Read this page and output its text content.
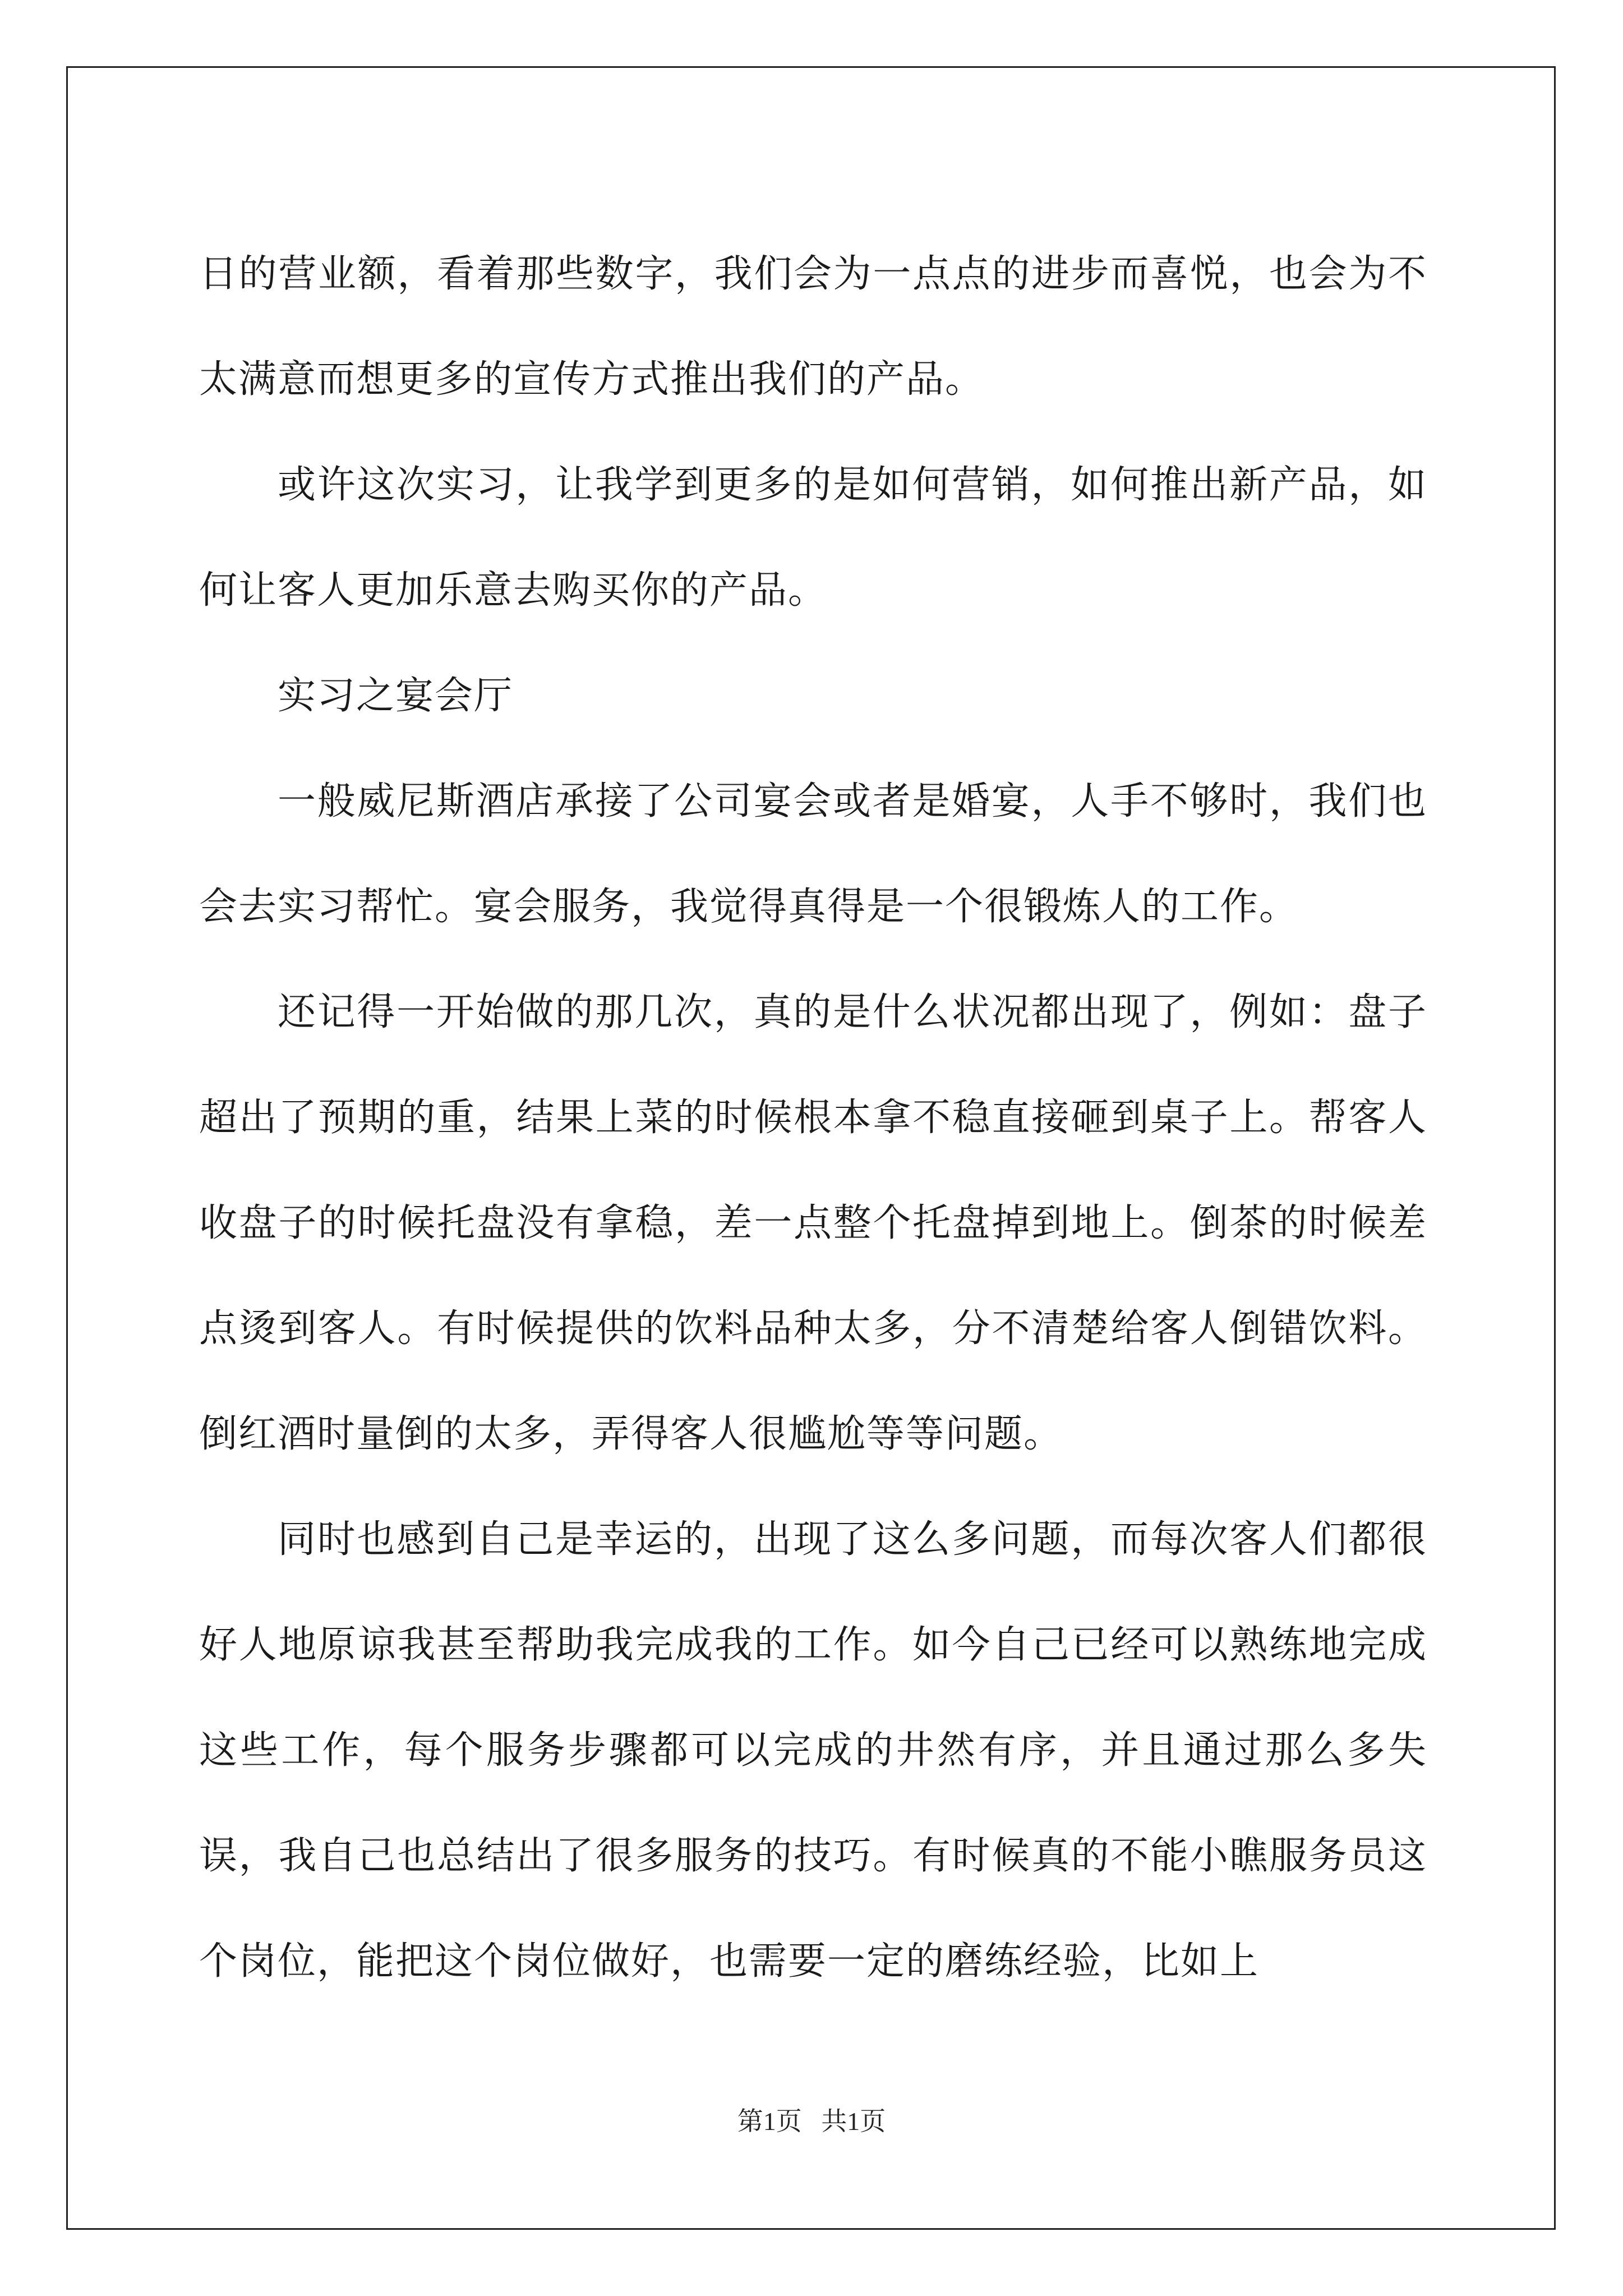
日的营业额，看着那些数字，我们会为一点点的进步而喜悦，也会为不太满意而想更多的宣传方式推出我们的产品。

或许这次实习，让我学到更多的是如何营销，如何推出新产品，如何让客人更加乐意去购买你的产品。

实习之宴会厅

一般威尼斯酒店承接了公司宴会或者是婚宴，人手不够时，我们也会去实习帮忙。宴会服务，我觉得真得是一个很锻炼人的工作。

还记得一开始做的那几次，真的是什么状况都出现了，例如：盘子超出了预期的重，结果上菜的时候根本拿不稳直接砸到桌子上。帮客人收盘子的时候托盘没有拿稳，差一点整个托盘掉到地上。倒茶的时候差点烫到客人。有时候提供的饮料品种太多，分不清楚给客人倒错饮料。倒红酒时量倒的太多，弄得客人很尴尬等等问题。

同时也感到自己是幸运的，出现了这么多问题，而每次客人们都很好人地原谅我甚至帮助我完成我的工作。如今自己已经可以熟练地完成这些工作，每个服务步骤都可以完成的井然有序，并且通过那么多失误，我自己也总结出了很多服务的技巧。有时候真的不能小瞧服务员这个岗位，能把这个岗位做好，也需要一定的磨练经验，比如上

第1页 共1页
